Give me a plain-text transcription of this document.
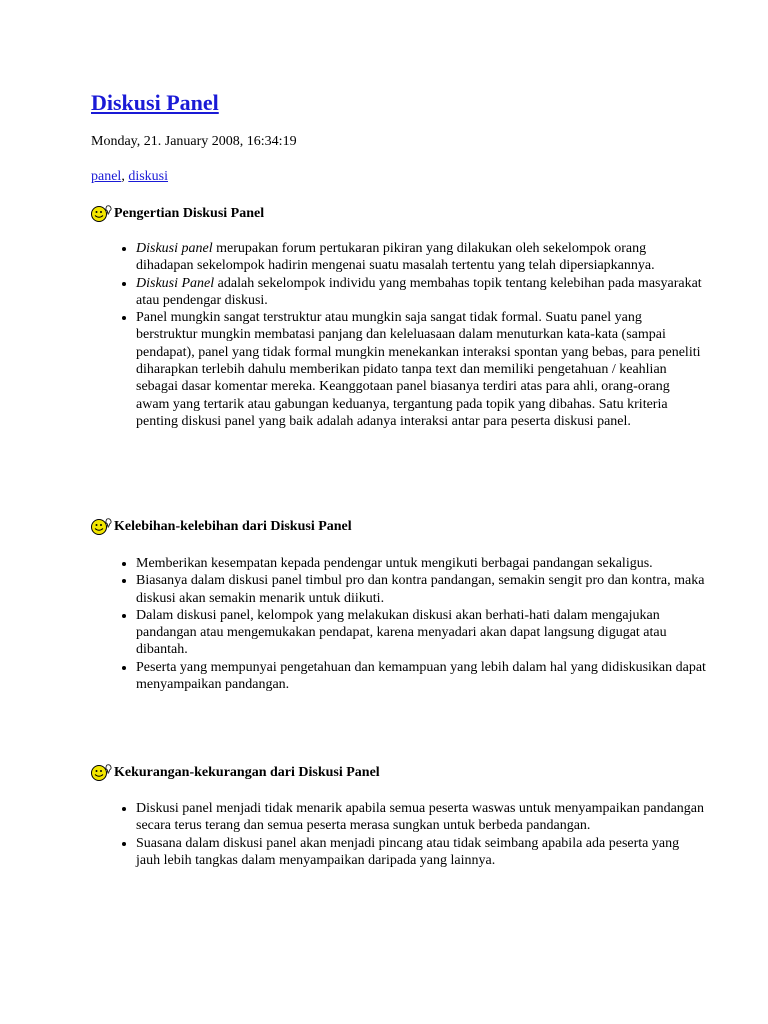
Diskusi Panel
Monday, 21. January 2008, 16:34:19
panel, diskusi
Pengertian Diskusi Panel
• Diskusi panel merupakan forum pertukaran pikiran yang dilakukan oleh sekelompok orang dihadapan sekelompok hadirin mengenai suatu masalah tertentu yang telah dipersiapkannya.
• Diskusi Panel adalah sekelompok individu yang membahas topik tentang kelebihan pada masyarakat atau pendengar diskusi.
• Panel mungkin sangat terstruktur atau mungkin saja sangat tidak formal. Suatu panel yang berstruktur mungkin membatasi panjang dan keleluasaan dalam menuturkan kata-kata (sampai pendapat), panel yang tidak formal mungkin menekankan interaksi spontan yang bebas, para peneliti diharapkan terlebih dahulu memberikan pidato tanpa text dan memiliki pengetahuan / keahlian sebagai dasar komentar mereka. Keanggotaan panel biasanya terdiri atas para ahli, orang-orang awam yang tertarik atau gabungan keduanya, tergantung pada topik yang dibahas. Satu kriteria penting diskusi panel yang baik adalah adanya interaksi antar para peserta diskusi panel.
Kelebihan-kelebihan dari Diskusi Panel
• Memberikan kesempatan kepada pendengar untuk mengikuti berbagai pandangan sekaligus.
• Biasanya dalam diskusi panel timbul pro dan kontra pandangan, semakin sengit pro dan kontra, maka diskusi akan semakin menarik untuk diikuti.
• Dalam diskusi panel, kelompok yang melakukan diskusi akan berhati-hati dalam mengajukan pandangan atau mengemukakan pendapat, karena menyadari akan dapat langsung digugat atau dibantah.
• Peserta yang mempunyai pengetahuan dan kemampuan yang lebih dalam hal yang didiskusikan dapat menyampaikan pandangan.
Kekurangan-kekurangan dari Diskusi Panel
• Diskusi panel menjadi tidak menarik apabila semua peserta waswas untuk menyampaikan pandangan secara terus terang dan semua peserta merasa sungkan untuk berbeda pandangan.
• Suasana dalam diskusi panel akan menjadi pincang atau tidak seimbang apabila ada peserta yang jauh lebih tangkas dalam menyampaikan daripada yang lainnya.
